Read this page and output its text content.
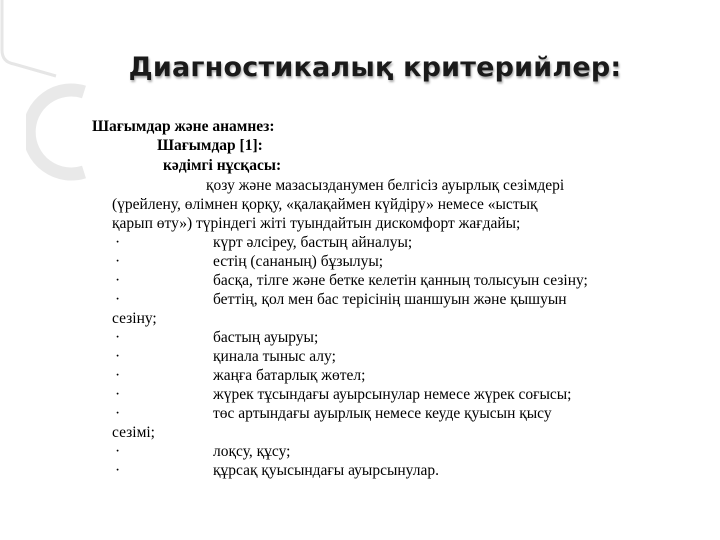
Диагностикалық критерийлер:
Шағымдар және анамнез:
Шағымдар [1]:
кәдімгі нұсқасы:
қозу және мазасызданумен белгісіз ауырлық сезімдері
(үрейлену, өлімнен қорқу, «қалақаймен күйдіру» немесе «ыстық
қарып өту») түріндегі жіті туындайтын дискомфорт жағдайы;
·	күрт әлсіреу, бастың айналуы;
·	естің (сананың) бұзылуы;
·	басқа, тілге және бетке келетін қанның толысуын сезіну;
·	беттің, қол мен бас терісінің шаншуын және қышуын
сезіну;
·	бастың ауыруы;
·	қинала тыныс алу;
·	жаңға батарлық жөтел;
·	жүрек тұсындағы ауырсынулар немесе жүрек соғысы;
·	төс артындағы ауырлық немесе кеуде қуысын қысу
сезімі;
·	лоқсу, құсу;
·	құрсақ қуысындағы ауырсынулар.
